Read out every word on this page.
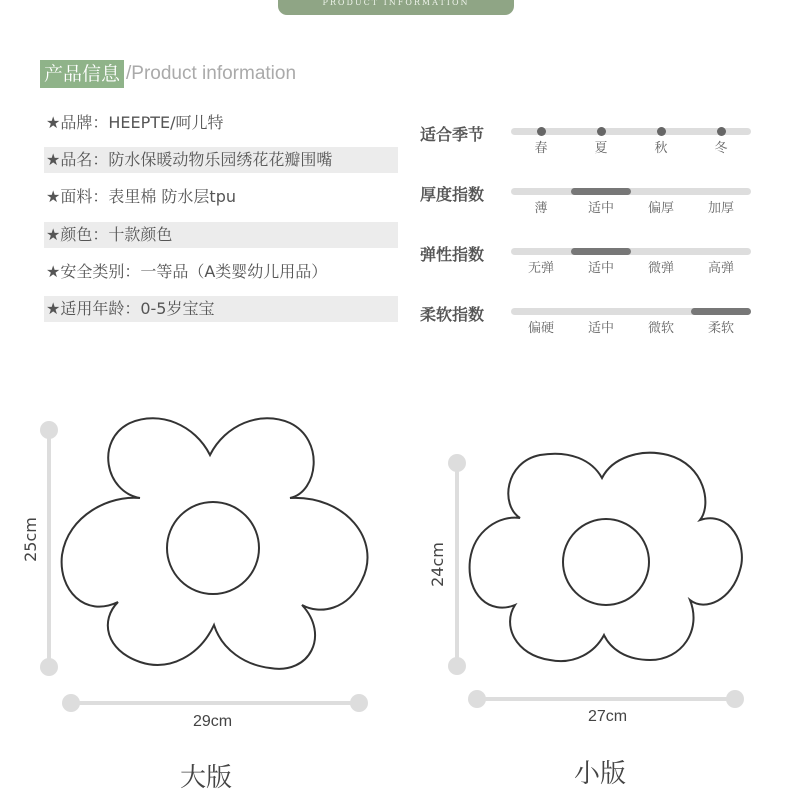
PRODUCT INFORMATION
产品信息 /Product information
★品牌：HEEPTE/呵儿特
★品名：防水保暖动物乐园绣花花瓣围嘴
★面料：表里棉 防水层tpu
★颜色：十款颜色
★安全类别：一等品（A类婴幼儿用品）
★适用年龄：0-5岁宝宝
适合季节
春	夏	秋	冬
厚度指数
薄	适中	偏厚	加厚
弹性指数
无弹	适中	微弹	高弹
柔软指数
偏硬	适中	微软	柔软
25cm
29cm
大版
24cm
27cm
小版
